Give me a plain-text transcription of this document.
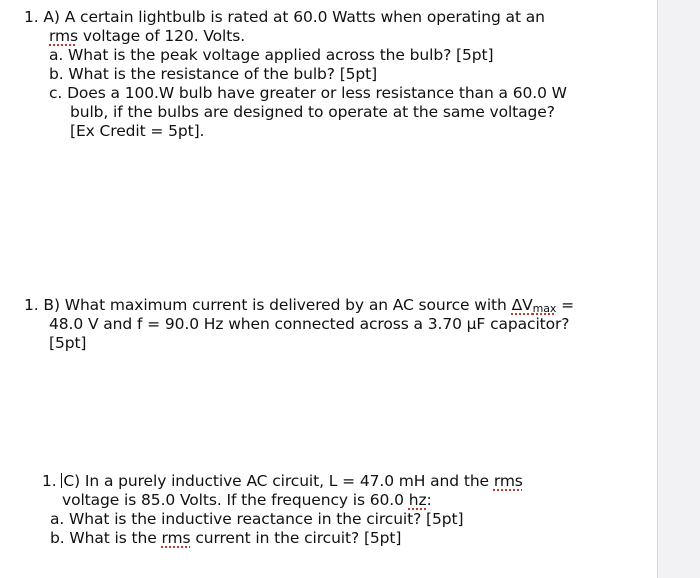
1. A) A certain lightbulb is rated at 60.0 Watts when operating at an
rms voltage of 120. Volts.
a. What is the peak voltage applied across the bulb? [5pt]
b. What is the resistance of the bulb? [5pt]
c. Does a 100.W bulb have greater or less resistance than a 60.0 W
bulb, if the bulbs are designed to operate at the same voltage?
[Ex Credit = 5pt].
1. B) What maximum current is delivered by an AC source with ΔVmax =
48.0 V and f = 90.0 Hz when connected across a 3.70 μF capacitor?
[5pt]
1. C) In a purely inductive AC circuit, L = 47.0 mH and the rms
voltage is 85.0 Volts. If the frequency is 60.0 hz:
a. What is the inductive reactance in the circuit? [5pt]
b. What is the rms current in the circuit? [5pt]
